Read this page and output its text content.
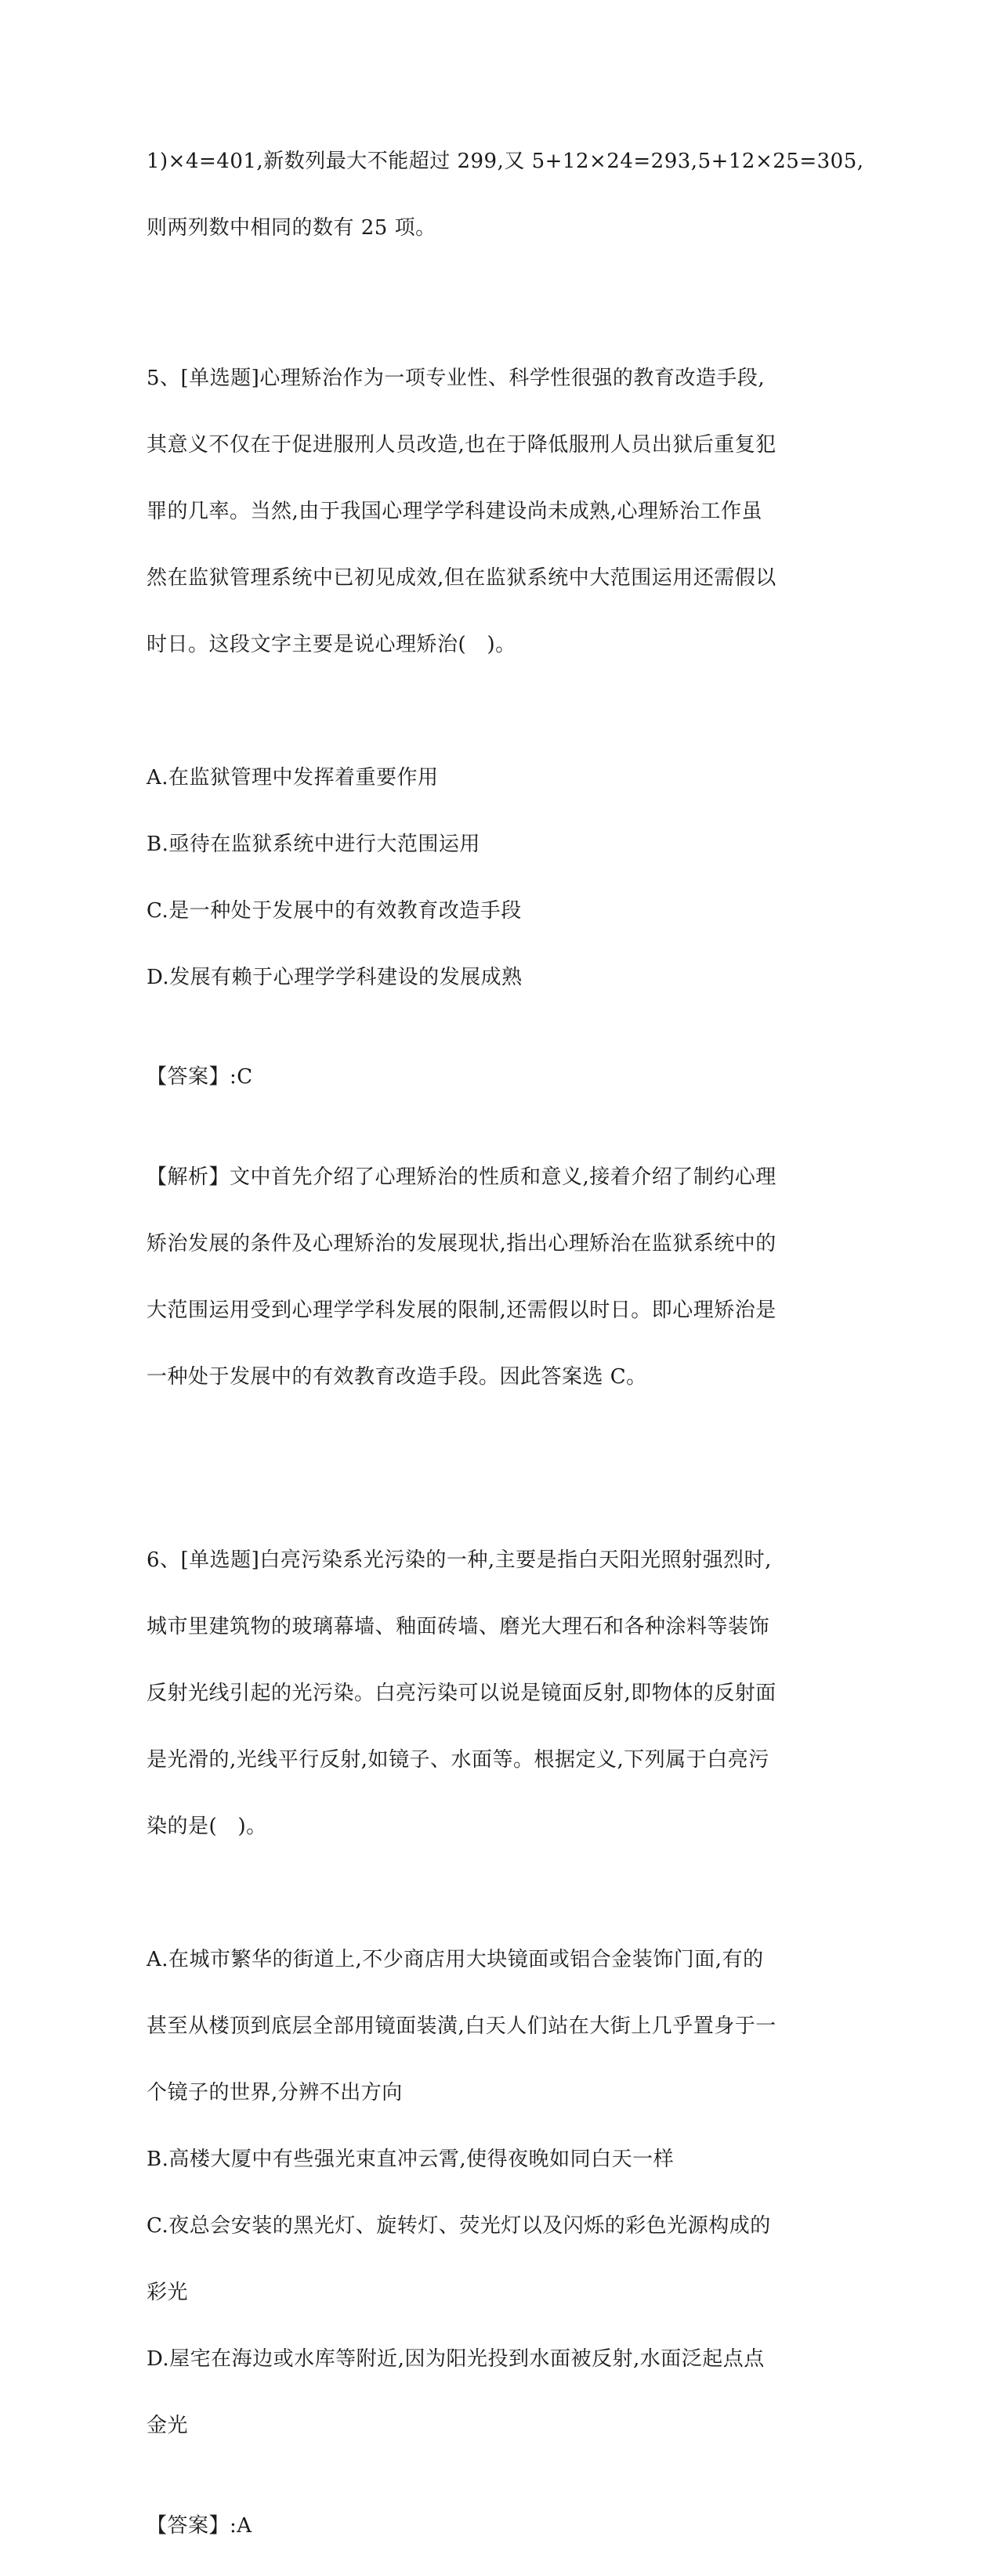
1)×4=401,新数列最大不能超过 299,又 5+12×24=293,5+12×25=305,

则两列数中相同的数有 25 项。

5、[单选题]心理矫治作为一项专业性、科学性很强的教育改造手段,

其意义不仅在于促进服刑人员改造,也在于降低服刑人员出狱后重复犯

罪的几率。当然,由于我国心理学学科建设尚未成熟,心理矫治工作虽

然在监狱管理系统中已初见成效,但在监狱系统中大范围运用还需假以

时日。这段文字主要是说心理矫治(   )。

A.在监狱管理中发挥着重要作用

B.亟待在监狱系统中进行大范围运用

C.是一种处于发展中的有效教育改造手段

D.发展有赖于心理学学科建设的发展成熟

【答案】:C

【解析】文中首先介绍了心理矫治的性质和意义,接着介绍了制约心理

矫治发展的条件及心理矫治的发展现状,指出心理矫治在监狱系统中的

大范围运用受到心理学学科发展的限制,还需假以时日。即心理矫治是

一种处于发展中的有效教育改造手段。因此答案选 C。

6、[单选题]白亮污染系光污染的一种,主要是指白天阳光照射强烈时,

城市里建筑物的玻璃幕墙、釉面砖墙、磨光大理石和各种涂料等装饰

反射光线引起的光污染。白亮污染可以说是镜面反射,即物体的反射面

是光滑的,光线平行反射,如镜子、水面等。根据定义,下列属于白亮污

染的是(   )。

A.在城市繁华的街道上,不少商店用大块镜面或铝合金装饰门面,有的

甚至从楼顶到底层全部用镜面装潢,白天人们站在大街上几乎置身于一

个镜子的世界,分辨不出方向

B.高楼大厦中有些强光束直冲云霄,使得夜晚如同白天一样

C.夜总会安装的黑光灯、旋转灯、荧光灯以及闪烁的彩色光源构成的

彩光

D.屋宅在海边或水库等附近,因为阳光投到水面被反射,水面泛起点点

金光

【答案】:A
